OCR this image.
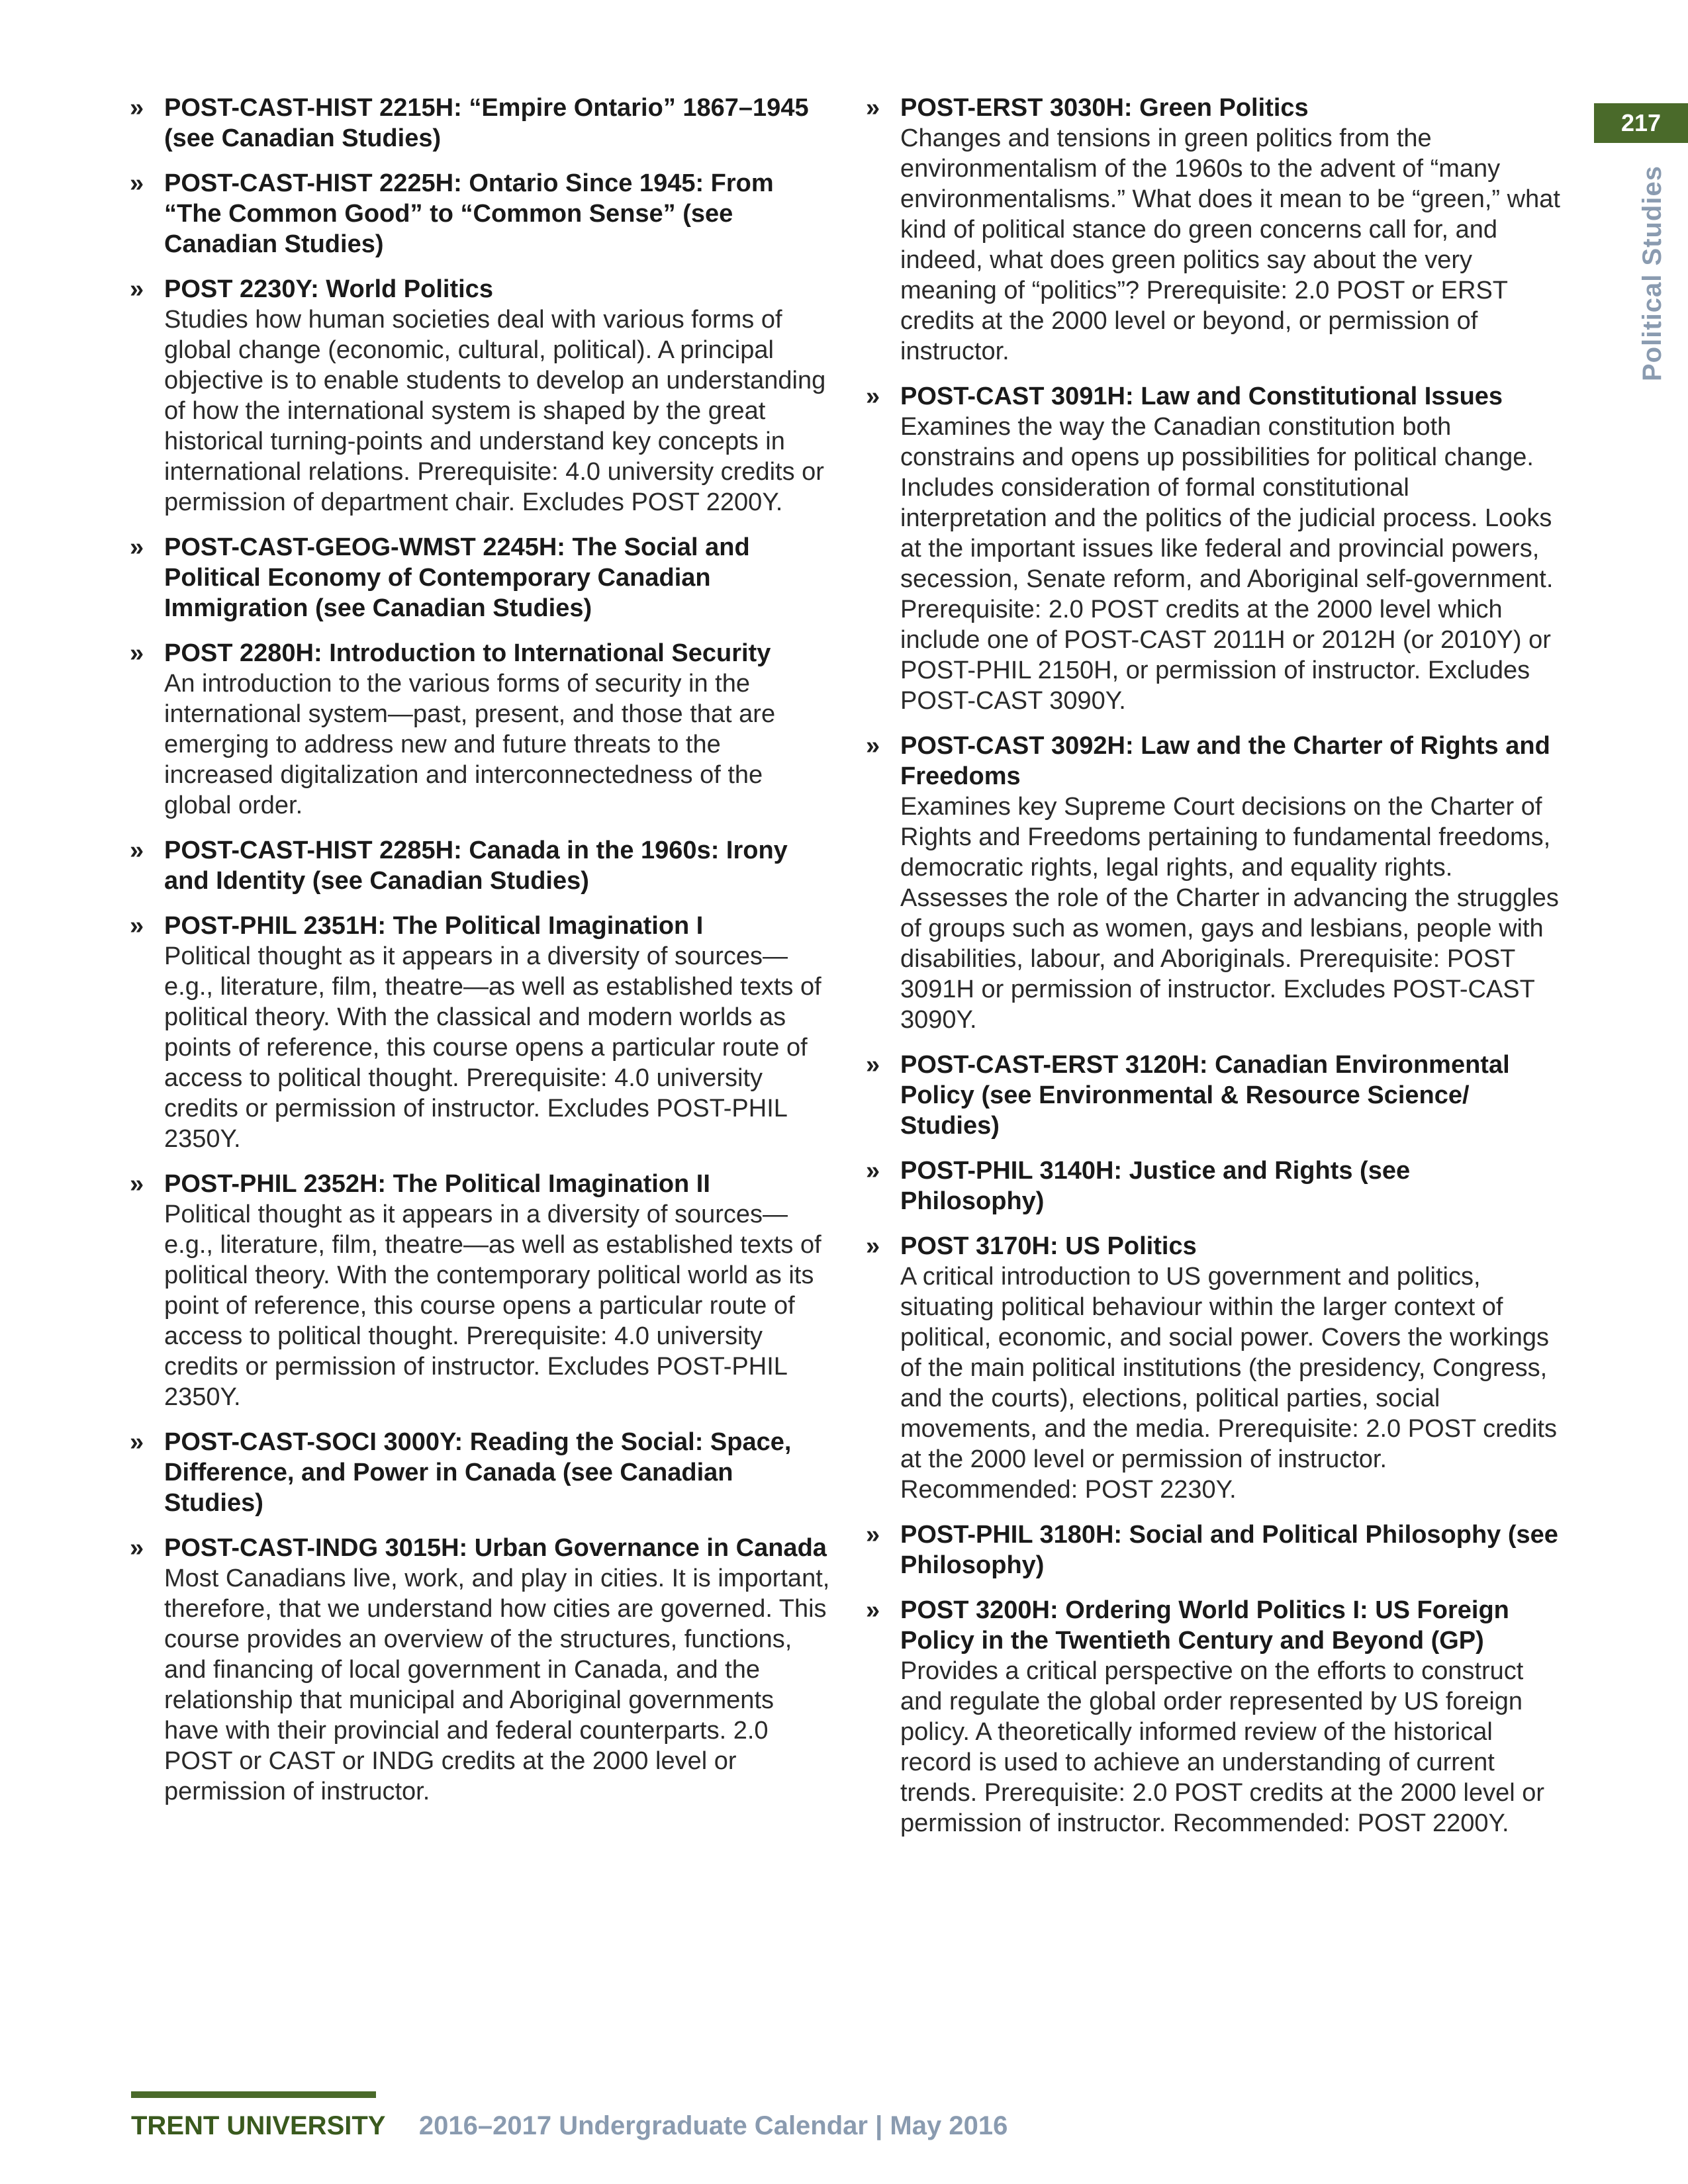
» POST-CAST-HIST 2215H: “Empire Ontario” 1867–1945 (see Canadian Studies)
» POST-CAST-HIST 2225H: Ontario Since 1945: From “The Common Good” to “Common Sense” (see Canadian Studies)
» POST 2230Y: World Politics
Studies how human societies deal with various forms of global change (economic, cultural, political). A principal objective is to enable students to develop an understanding of how the international system is shaped by the great historical turning-points and understand key concepts in international relations. Prerequisite: 4.0 university credits or permission of department chair. Excludes POST 2200Y.
» POST-CAST-GEOG-WMST 2245H: The Social and Political Economy of Contemporary Canadian Immigration (see Canadian Studies)
» POST 2280H: Introduction to International Security
An introduction to the various forms of security in the international system—past, present, and those that are emerging to address new and future threats to the increased digitalization and interconnectedness of the global order.
» POST-CAST-HIST 2285H: Canada in the 1960s: Irony and Identity (see Canadian Studies)
» POST-PHIL 2351H: The Political Imagination I
Political thought as it appears in a diversity of sources—e.g., literature, film, theatre—as well as established texts of political theory. With the classical and modern worlds as points of reference, this course opens a particular route of access to political thought. Prerequisite: 4.0 university credits or permission of instructor. Excludes POST-PHIL 2350Y.
» POST-PHIL 2352H: The Political Imagination II
Political thought as it appears in a diversity of sources—e.g., literature, film, theatre—as well as established texts of political theory. With the contemporary political world as its point of reference, this course opens a particular route of access to political thought. Prerequisite: 4.0 university credits or permission of instructor. Excludes POST-PHIL 2350Y.
» POST-CAST-SOCI 3000Y: Reading the Social: Space, Difference, and Power in Canada (see Canadian Studies)
» POST-CAST-INDG 3015H: Urban Governance in Canada
Most Canadians live, work, and play in cities. It is important, therefore, that we understand how cities are governed. This course provides an overview of the structures, functions, and financing of local government in Canada, and the relationship that municipal and Aboriginal governments have with their provincial and federal counterparts. 2.0 POST or CAST or INDG credits at the 2000 level or permission of instructor.
» POST-ERST 3030H: Green Politics
Changes and tensions in green politics from the environmentalism of the 1960s to the advent of “many environmentalisms.” What does it mean to be “green,” what kind of political stance do green concerns call for, and indeed, what does green politics say about the very meaning of “politics”? Prerequisite: 2.0 POST or ERST credits at the 2000 level or beyond, or permission of instructor.
» POST-CAST 3091H: Law and Constitutional Issues
Examines the way the Canadian constitution both constrains and opens up possibilities for political change. Includes consideration of formal constitutional interpretation and the politics of the judicial process. Looks at the important issues like federal and provincial powers, secession, Senate reform, and Aboriginal self-government. Prerequisite: 2.0 POST credits at the 2000 level which include one of POST-CAST 2011H or 2012H (or 2010Y) or POST-PHIL 2150H, or permission of instructor. Excludes POST-CAST 3090Y.
» POST-CAST 3092H: Law and the Charter of Rights and Freedoms
Examines key Supreme Court decisions on the Charter of Rights and Freedoms pertaining to fundamental freedoms, democratic rights, legal rights, and equality rights. Assesses the role of the Charter in advancing the struggles of groups such as women, gays and lesbians, people with disabilities, labour, and Aboriginals. Prerequisite: POST 3091H or permission of instructor. Excludes POST-CAST 3090Y.
» POST-CAST-ERST 3120H: Canadian Environmental Policy (see Environmental & Resource Science/ Studies)
» POST-PHIL 3140H: Justice and Rights (see Philosophy)
» POST 3170H: US Politics
A critical introduction to US government and politics, situating political behaviour within the larger context of political, economic, and social power. Covers the workings of the main political institutions (the presidency, Congress, and the courts), elections, political parties, social movements, and the media. Prerequisite: 2.0 POST credits at the 2000 level or permission of instructor. Recommended: POST 2230Y.
» POST-PHIL 3180H: Social and Political Philosophy (see Philosophy)
» POST 3200H: Ordering World Politics I: US Foreign Policy in the Twentieth Century and Beyond (GP)
Provides a critical perspective on the efforts to construct and regulate the global order represented by US foreign policy. A theoretically informed review of the historical record is used to achieve an understanding of current trends. Prerequisite: 2.0 POST credits at the 2000 level or permission of instructor. Recommended: POST 2200Y.
217
Political Studies
TRENT UNIVERSITY 2016–2017 Undergraduate Calendar | May 2016
